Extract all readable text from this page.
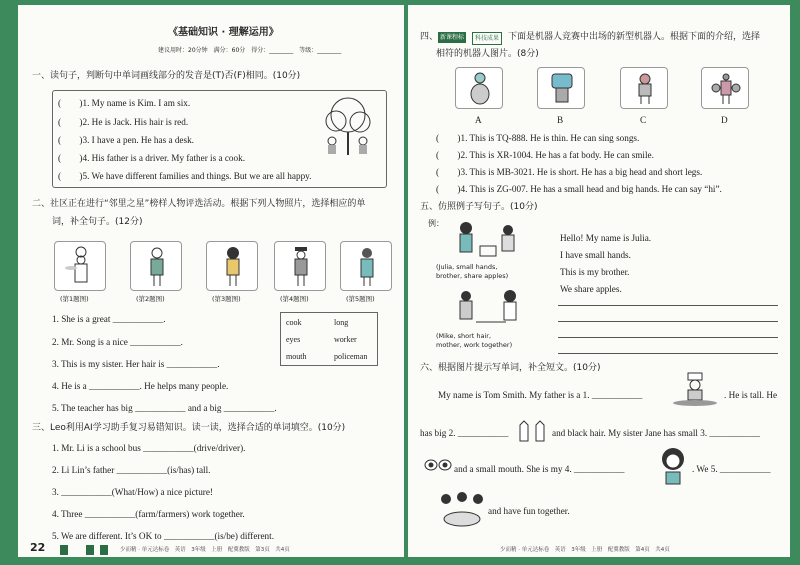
《基础知识 · 理解运用》
建议用时：20分钟　满分：60分　得分：________　等级：________
一、读句子，判断句中单词画线部分的发音是(T)否(F)相同。(10分)
(　　)1. My name is Kim. I am six.
(　　)2. He is Jack. His hair is red.
(　　)3. I have a pen. He has a desk.
(　　)4. His father is a driver. My father is a cook.
(　　)5. We have different families and things. But we are all happy.
二、社区正在进行“邻里之星”榜样人物评选活动。根据下列人物照片，选择相应的单
词，补全句子。(12分)
(第1题图)	(第2题图)	(第3题图)	(第4题图)	(第5题图)
cook	long
eyes	worker
mouth	policeman
1. She is a great ___________.
2. Mr. Song is a nice ___________.
3. This is my sister. Her hair is ___________.
4. He is a ___________. He helps many people.
5. The teacher has big ___________ and a big ___________.
三、Leo利用AI学习助手复习易错知识。读一读，选择合适的单词填空。(10分)
1. Mr. Li is a school bus ___________(drive/driver).
2. Li Lin’s father ___________(is/has) tall.
3. ___________(What/How) a nice picture!
4. Three ___________(farm/farmers) work together.
5. We are different. It’s OK to ___________(is/be) different.
22	少而精 · 单元达标卷　英语　3年级　上册　配冀教版　第3页　共4页
四、 新课程标	科技成果 下面是机器人竞赛中出场的新型机器人。根据下面的介绍，选择
相符的机器人图片。(8分)
A	B	C	D
(　　)1. This is TQ-888. He is thin. He can sing songs.
(　　)2. This is XR-1004. He has a fat body. He can smile.
(　　)3. This is MB-3021. He is short. He has a big head and short legs.
(　　)4. This is ZG-007. He has a small head and big hands. He can say “hi”.
五、仿照例子写句子。(10分)
例：
(Julia, small hands,
brother, share apples)
(Mike, short hair,
mother, work together)
Hello! My name is Julia.
I have small hands.
This is my brother.
We share apples.
六、根据图片提示写单词，补全短文。(10分)
My name is Tom Smith. My father is a 1. ___________	. He is tall. He
has big 2. ___________	and black hair. My sister Jane has small 3. ___________
and a small mouth. She is my 4. ___________	. We 5. ___________
and have fun together.
少而精 · 单元达标卷　英语　3年级　上册　配冀教版　第4页　共4页
